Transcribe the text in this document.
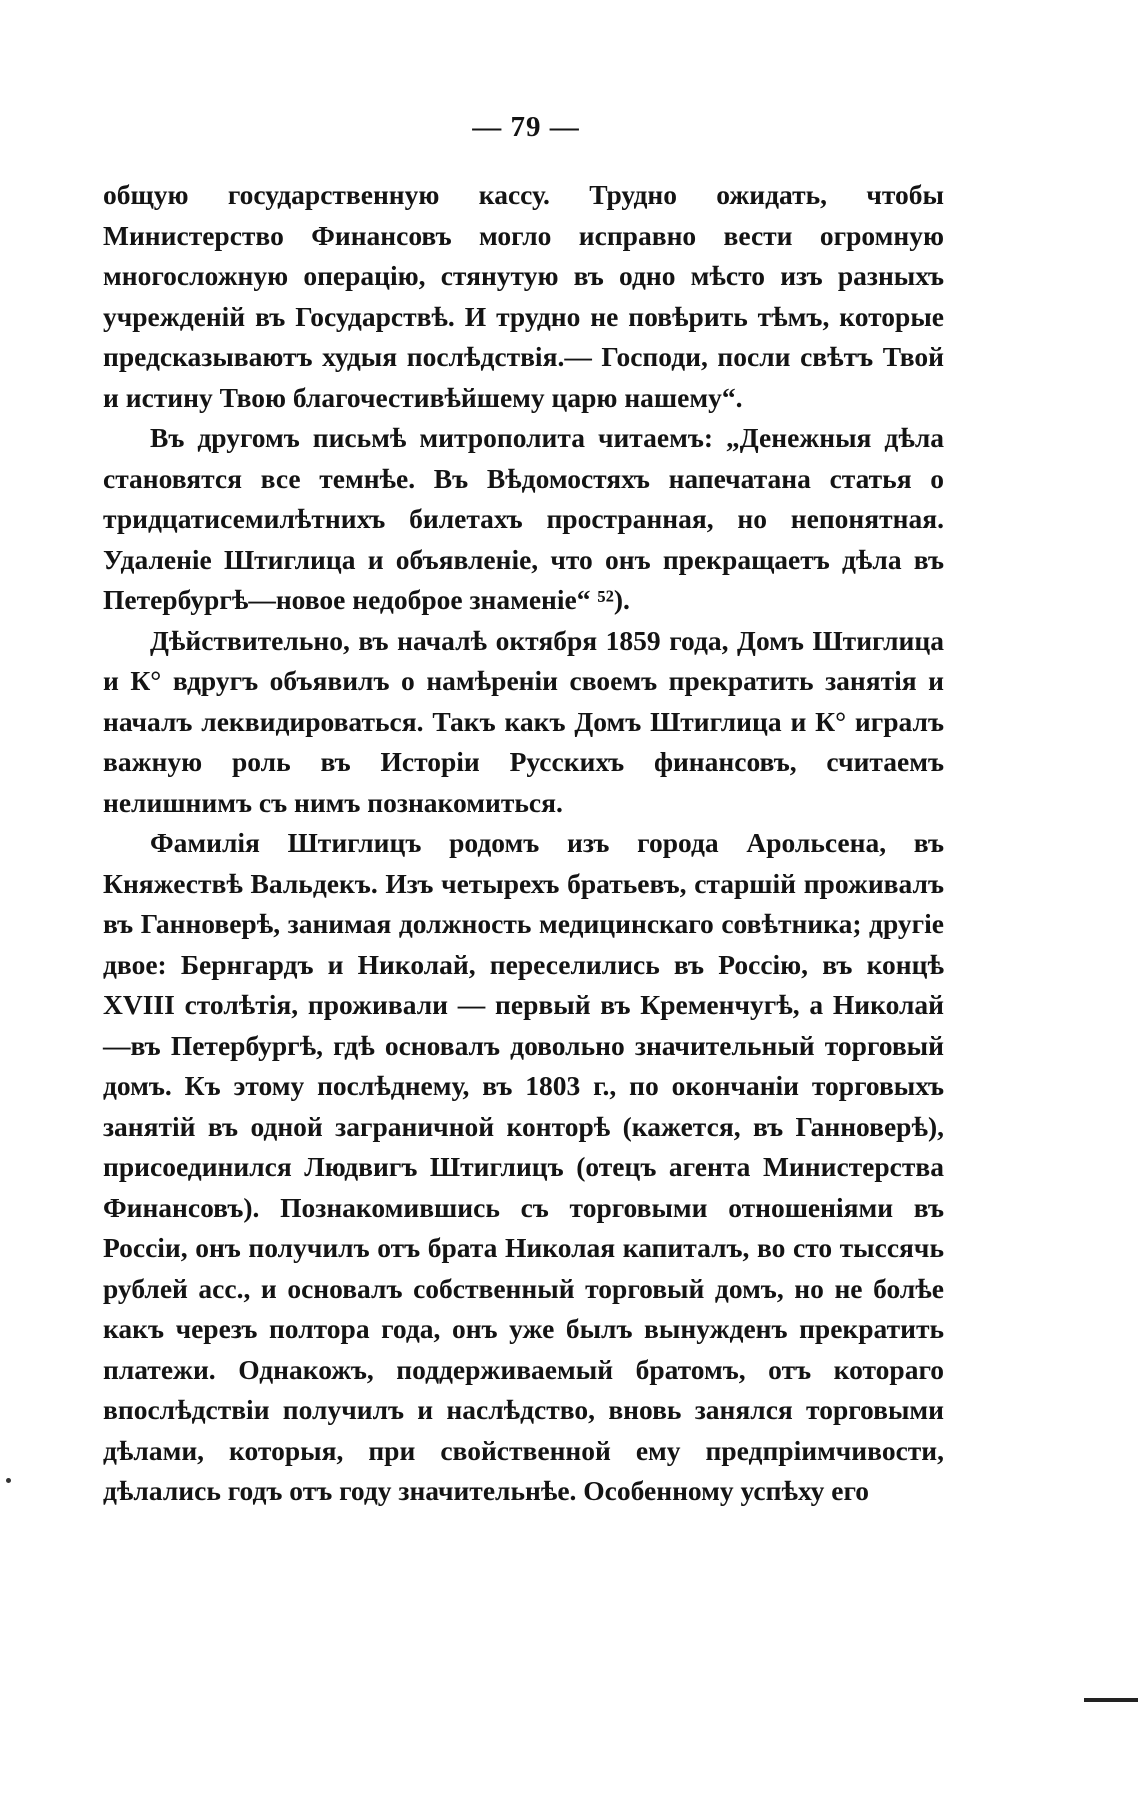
— 79 —

общую государственную кассу. Трудно ожидать, чтобы Министерство Финансовъ могло исправно вести огромную многосложную операцію, стянутую въ одно мѣсто изъ разныхъ учрежденій въ Государствѣ. И трудно не повѣрить тѣмъ, которые предсказываютъ худыя послѣдствія.— Господи, посли свѣтъ Твой и истину Твою благочестивѣйшему царю нашему“.

Въ другомъ письмѣ митрополита читаемъ: „Денежныя дѣла становятся все темнѣе. Въ Вѣдомостяхъ напечатана статья о тридцатисемилѣтнихъ билетахъ пространная, но непонятная. Удаленіе Штиглица и объявленіе, что онъ прекращаетъ дѣла въ Петербургѣ—новое недоброе знаменіе“ ⁵²).

Дѣйствительно, въ началѣ октября 1859 года, Домъ Штиглица и К° вдругъ объявилъ о намѣреніи своемъ прекратить занятія и началъ леквидироваться. Такъ какъ Домъ Штиглица и К° игралъ важную роль въ Исторіи Русскихъ финансовъ, считаемъ нелишнимъ съ нимъ познакомиться.

Фамилія Штиглицъ родомъ изъ города Арольсена, въ Княжествѣ Вальдекъ. Изъ четырехъ братьевъ, старшій проживалъ въ Ганноверѣ, занимая должность медицинскаго совѣтника; другіе двое: Бернгардъ и Николай, переселились въ Россію, въ концѣ XVIII столѣтія, проживали — первый въ Кременчугѣ, а Николай—въ Петербургѣ, гдѣ основалъ довольно значительный торговый домъ. Къ этому послѣднему, въ 1803 г., по окончаніи торговыхъ занятій въ одной заграничной конторѣ (кажется, въ Ганноверѣ), присоединился Людвигъ Штиглицъ (отецъ агента Министерства Финансовъ). Познакомившись съ торговыми отношеніями въ Россіи, онъ получилъ отъ брата Николая капиталъ, во сто тыссячь рублей асс., и основалъ собственный торговый домъ, но не болѣе какъ черезъ полтора года, онъ уже былъ вынужденъ прекратить платежи. Однакожъ, поддерживаемый братомъ, отъ котораго впослѣдствіи получилъ и наслѣдство, вновь занялся торговыми дѣлами, которыя, при свойственной ему предпріимчивости, дѣлались годъ отъ году значительнѣе. Особенному успѣху его
